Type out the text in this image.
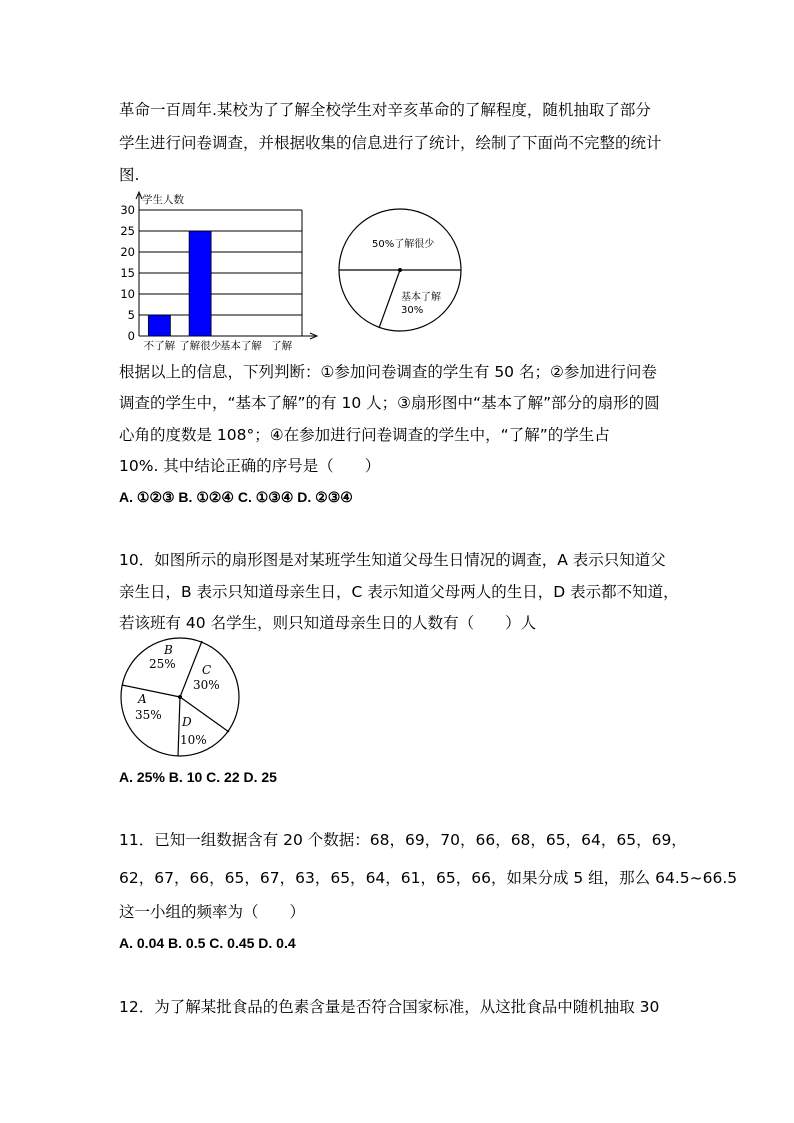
革命一百周年.某校为了了解全校学生对辛亥革命的了解程度，随机抽取了部分
学生进行问卷调查，并根据收集的信息进行了统计，绘制了下面尚不完整的统计
图.
0
5
10
15
20
25
30
不了解 了解很少
基本了解 了解
学生人数
50%了解很少
基本了解
30%
根据以上的信息，下列判断：①参加问卷调查的学生有 50 名；②参加进行问卷
调查的学生中，“基本了解”的有 10 人；③扇形图中“基本了解”部分的扇形的圆
心角的度数是 108°；④在参加进行问卷调查的学生中，“了解”的学生占
10%. 其中结论正确的序号是（　　）
A. ①②③ B. ①②④ C. ①③④ D. ②③④
10．如图所示的扇形图是对某班学生知道父母生日情况的调查，A 表示只知道父
亲生日，B 表示只知道母亲生日，C 表示知道父母两人的生日，D 表示都不知道，
若该班有 40 名学生，则只知道母亲生日的人数有（　　）人
B
25% C
30%
A
35% D
10%
A. 25% B. 10 C. 22 D. 25
11．已知一组数据含有 20 个数据：68，69，70，66，68，65，64，65，69，
62，67，66，65，67，63，65，64，61，65，66，如果分成 5 组，那么 64.5~66.5
这一小组的频率为（　　）
A. 0.04 B. 0.5 C. 0.45 D. 0.4
12．为了解某批食品的色素含量是否符合国家标准，从这批食品中随机抽取 30
